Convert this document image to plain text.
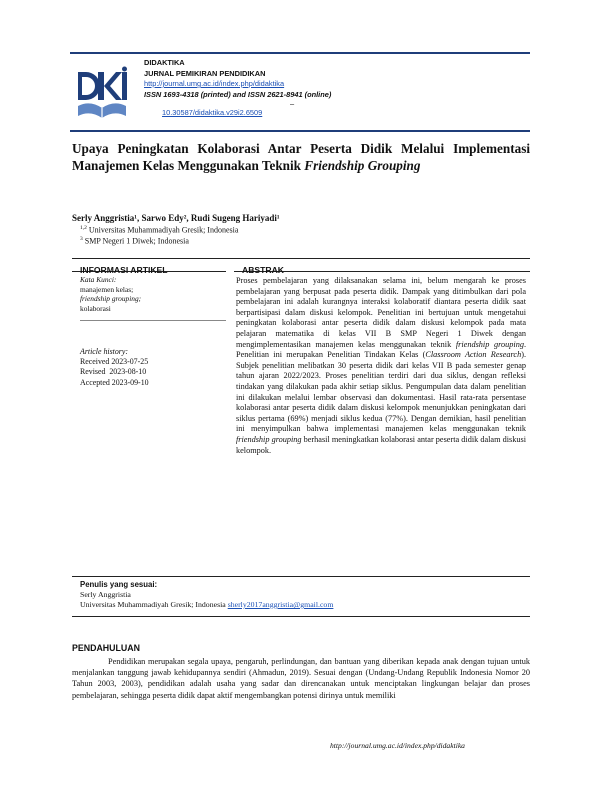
DIDAKTIKA
JURNAL PEMIKIRAN PENDIDIKAN
http://journal.umg.ac.id/index.php/didaktika
ISSN 1693-4318 (printed) and ISSN 2621-8941 (online)
–
10.30587/didaktika.v29i2.6509
Upaya Peningkatan Kolaborasi Antar Peserta Didik Melalui Implementasi Manajemen Kelas Menggunakan Teknik Friendship Grouping
Serly Anggristia¹, Sarwo Edy², Rudi Sugeng Hariyadi¹
$^{1,2}$ Universitas Muhammadiyah Gresik; Indonesia
$^3$ SMP Negeri 1 Diwek; Indonesia
INFORMASI ARTIKEL
Kata Kunci:
manajemen kelas;
friendship grouping;
kolaborasi
Article history:
Received 2023-07-25
Revised  2023-08-10
Accepted 2023-09-10
ABSTRAK
Proses pembelajaran yang dilaksanakan selama ini, belum mengarah ke proses pembelajaran yang berpusat pada peserta didik. Dampak yang ditimbulkan dari pola pembelajaran ini adalah kurangnya interaksi kolaboratif diantara peserta didik saat berpartisipasi dalam diskusi kelompok. Penelitian ini bertujuan untuk mengetahui peningkatan kolaborasi antar peserta didik dalam diskusi kelompok pada mata pelajaran matematika di kelas VII B SMP Negeri 1 Diwek dengan mengimplementasikan manajemen kelas menggunakan teknik friendship grouping. Penelitian ini merupakan Penelitian Tindakan Kelas (Classroom Action Research). Subjek penelitian melibatkan 30 peserta didik dari kelas VII B pada semester genap tahun ajaran 2022/2023. Proses penelitian terdiri dari dua siklus, dengan refleksi tindakan yang dilakukan pada akhir setiap siklus. Pengumpulan data dalam penelitian ini dilakukan melalui lembar observasi dan dokumentasi. Hasil rata-rata persentase kolaborasi antar peserta didik dalam diskusi kelompok menunjukkan peningkatan dari siklus pertama (69%) menjadi siklus kedua (77%). Dengan demikian, hasil penelitian ini menyimpulkan bahwa implementasi manajemen kelas menggunakan teknik friendship grouping berhasil meningkatkan kolaborasi antar peserta didik dalam diskusi kelompok.
Penulis yang sesuai:
Serly Anggristia
Universitas Muhammadiyah Gresik; Indonesia sherly2017anggristia@gmail.com
PENDAHULUAN
Pendidikan merupakan segala upaya, pengaruh, perlindungan, dan bantuan yang diberikan kepada anak dengan tujuan untuk menjalankan tanggung jawab kehidupannya sendiri (Ahmadun, 2019). Sesuai dengan (Undang-Undang Republik Indonesia Nomor 20 Tahun 2003, 2003), pendidikan adalah usaha yang sadar dan direncanakan untuk menciptakan lingkungan belajar dan proses pembelajaran, sehingga peserta didik dapat aktif mengembangkan potensi dirinya untuk memiliki
http://journal.umg.ac.id/index.php/didaktika
